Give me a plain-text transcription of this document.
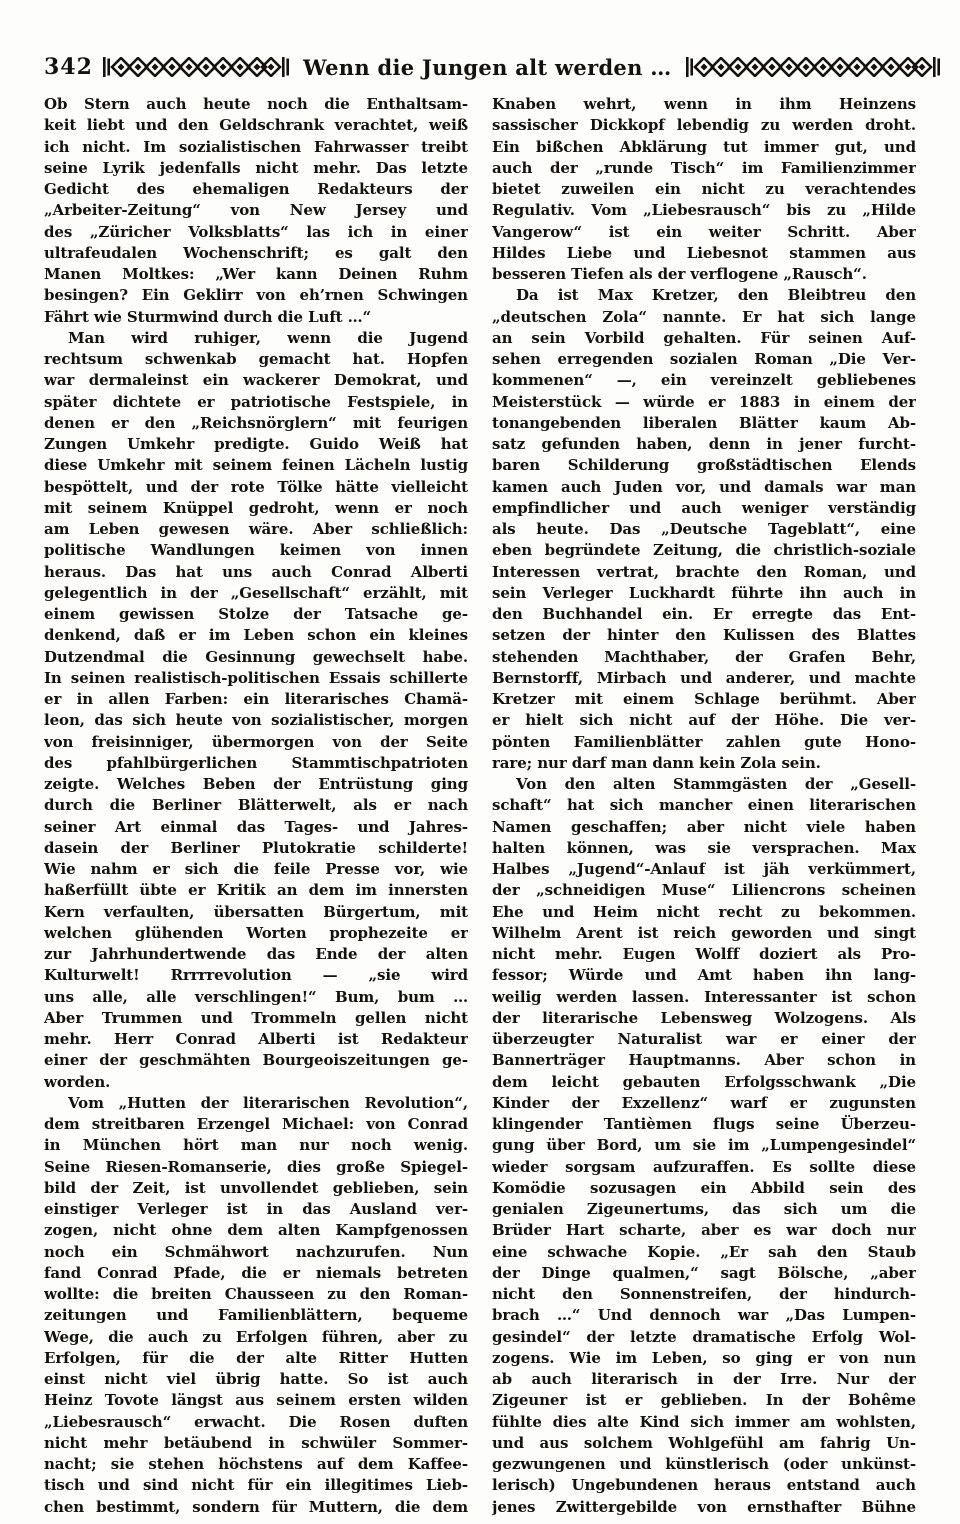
342	Wenn die Jungen alt werden …
Ob Stern auch heute noch die Enthaltsam-
keit liebt und den Geldschrank verachtet, weiß
ich nicht. Im sozialistischen Fahrwasser treibt
seine Lyrik jedenfalls nicht mehr. Das letzte
Gedicht des ehemaligen Redakteurs der
„Arbeiter-Zeitung“ von New Jersey und
des „Züricher Volksblatts“ las ich in einer
ultrafeudalen Wochenschrift; es galt den
Manen Moltkes: „Wer kann Deinen Ruhm
besingen? Ein Geklirr von eh’rnen Schwingen
Fährt wie Sturmwind durch die Luft …“
Man wird ruhiger, wenn die Jugend
rechtsum schwenkab gemacht hat. Hopfen
war dermaleinst ein wackerer Demokrat, und
später dichtete er patriotische Festspiele, in
denen er den „Reichsnörglern“ mit feurigen
Zungen Umkehr predigte. Guido Weiß hat
diese Umkehr mit seinem feinen Lächeln lustig
bespöttelt, und der rote Tölke hätte vielleicht
mit seinem Knüppel gedroht, wenn er noch
am Leben gewesen wäre. Aber schließlich:
politische Wandlungen keimen von innen
heraus. Das hat uns auch Conrad Alberti
gelegentlich in der „Gesellschaft“ erzählt, mit
einem gewissen Stolze der Tatsache ge-
denkend, daß er im Leben schon ein kleines
Dutzendmal die Gesinnung gewechselt habe.
In seinen realistisch-politischen Essais schillerte
er in allen Farben: ein literarisches Chamä-
leon, das sich heute von sozialistischer, morgen
von freisinniger, übermorgen von der Seite
des pfahlbürgerlichen Stammtischpatrioten
zeigte. Welches Beben der Entrüstung ging
durch die Berliner Blätterwelt, als er nach
seiner Art einmal das Tages- und Jahres-
dasein der Berliner Plutokratie schilderte!
Wie nahm er sich die feile Presse vor, wie
haßerfüllt übte er Kritik an dem im innersten
Kern verfaulten, übersatten Bürgertum, mit
welchen glühenden Worten prophezeite er
zur Jahrhundertwende das Ende der alten
Kulturwelt! Rrrrrevolution — „sie wird
uns alle, alle verschlingen!“ Bum, bum …
Aber Trummen und Trommeln gellen nicht
mehr. Herr Conrad Alberti ist Redakteur
einer der geschmähten Bourgeoiszeitungen ge-
worden.
Vom „Hutten der literarischen Revolution“,
dem streitbaren Erzengel Michael: von Conrad
in München hört man nur noch wenig.
Seine Riesen-Romanserie, dies große Spiegel-
bild der Zeit, ist unvollendet geblieben, sein
einstiger Verleger ist in das Ausland ver-
zogen, nicht ohne dem alten Kampfgenossen
noch ein Schmähwort nachzurufen. Nun
fand Conrad Pfade, die er niemals betreten
wollte: die breiten Chausseen zu den Roman-
zeitungen und Familienblättern, bequeme
Wege, die auch zu Erfolgen führen, aber zu
Erfolgen, für die der alte Ritter Hutten
einst nicht viel übrig hatte. So ist auch
Heinz Tovote längst aus seinem ersten wilden
„Liebesrausch“ erwacht. Die Rosen duften
nicht mehr betäubend in schwüler Sommer-
nacht; sie stehen höchstens auf dem Kaffee-
tisch und sind nicht für ein illegitimes Lieb-
chen bestimmt, sondern für Muttern, die dem
Knaben wehrt, wenn in ihm Heinzens
sassischer Dickkopf lebendig zu werden droht.
Ein bißchen Abklärung tut immer gut, und
auch der „runde Tisch“ im Familienzimmer
bietet zuweilen ein nicht zu verachtendes
Regulativ. Vom „Liebesrausch“ bis zu „Hilde
Vangerow“ ist ein weiter Schritt. Aber
Hildes Liebe und Liebesnot stammen aus
besseren Tiefen als der verflogene „Rausch“.
Da ist Max Kretzer, den Bleibtreu den
„deutschen Zola“ nannte. Er hat sich lange
an sein Vorbild gehalten. Für seinen Auf-
sehen erregenden sozialen Roman „Die Ver-
kommenen“ —, ein vereinzelt gebliebenes
Meisterstück — würde er 1883 in einem der
tonangebenden liberalen Blätter kaum Ab-
satz gefunden haben, denn in jener furcht-
baren Schilderung großstädtischen Elends
kamen auch Juden vor, und damals war man
empfindlicher und auch weniger verständig
als heute. Das „Deutsche Tageblatt“, eine
eben begründete Zeitung, die christlich-soziale
Interessen vertrat, brachte den Roman, und
sein Verleger Luckhardt führte ihn auch in
den Buchhandel ein. Er erregte das Ent-
setzen der hinter den Kulissen des Blattes
stehenden Machthaber, der Grafen Behr,
Bernstorff, Mirbach und anderer, und machte
Kretzer mit einem Schlage berühmt. Aber
er hielt sich nicht auf der Höhe. Die ver-
pönten Familienblätter zahlen gute Hono-
rare; nur darf man dann kein Zola sein.
Von den alten Stammgästen der „Gesell-
schaft“ hat sich mancher einen literarischen
Namen geschaffen; aber nicht viele haben
halten können, was sie versprachen. Max
Halbes „Jugend“-Anlauf ist jäh verkümmert,
der „schneidigen Muse“ Liliencrons scheinen
Ehe und Heim nicht recht zu bekommen.
Wilhelm Arent ist reich geworden und singt
nicht mehr. Eugen Wolff doziert als Pro-
fessor; Würde und Amt haben ihn lang-
weilig werden lassen. Interessanter ist schon
der literarische Lebensweg Wolzogens. Als
überzeugter Naturalist war er einer der
Bannerträger Hauptmanns. Aber schon in
dem leicht gebauten Erfolgsschwank „Die
Kinder der Exzellenz“ warf er zugunsten
klingender Tantièmen flugs seine Überzeu-
gung über Bord, um sie im „Lumpengesindel“
wieder sorgsam aufzuraffen. Es sollte diese
Komödie sozusagen ein Abbild sein des
genialen Zigeunertums, das sich um die
Brüder Hart scharte, aber es war doch nur
eine schwache Kopie. „Er sah den Staub
der Dinge qualmen,“ sagt Bölsche, „aber
nicht den Sonnenstreifen, der hindurch-
brach …“ Und dennoch war „Das Lumpen-
gesindel“ der letzte dramatische Erfolg Wol-
zogens. Wie im Leben, so ging er von nun
ab auch literarisch in der Irre. Nur der
Zigeuner ist er geblieben. In der Bohême
fühlte dies alte Kind sich immer am wohlsten,
und aus solchem Wohlgefühl am fahrig Un-
gezwungenen und künstlerisch (oder unkünst-
lerisch) Ungebundenen heraus entstand auch
jenes Zwittergebilde von ernsthafter Bühne
